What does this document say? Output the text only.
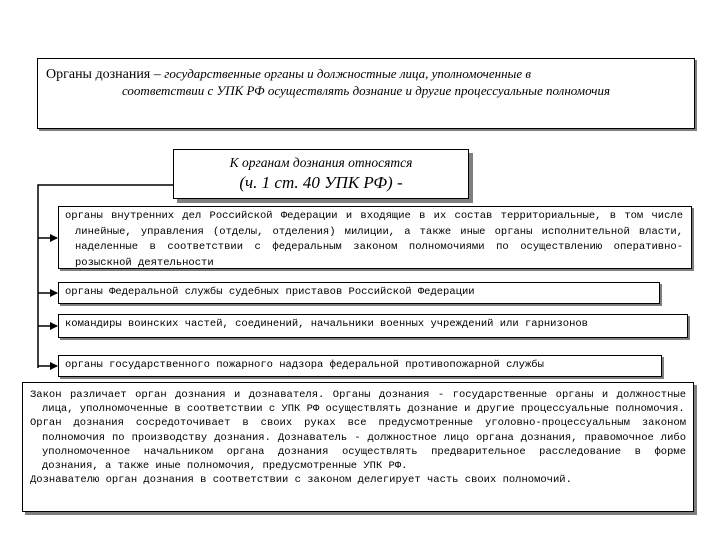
Органы дознания – государственные органы и должностные лица, уполномоченные в
соответствии с УПК РФ осуществлять дознание и другие процессуальные полномочия
К органам дознания относятся
(ч. 1 ст. 40 УПК РФ) -
органы внутренних дел Российской Федерации и входящие в их состав территориальные, в том числе линейные, управления (отделы, отделения) милиции, а также иные органы исполнительной власти, наделенные в соответствии с федеральным законом полномочиями по осуществлению оперативно-розыскной деятельности
органы Федеральной службы судебных приставов Российской Федерации
командиры воинских частей, соединений, начальники военных учреждений или гарнизонов
органы государственного пожарного надзора федеральной противопожарной службы

Закон различает орган дознания и дознавателя. Органы дознания - государственные органы и должностные лица, уполномоченные в соответствии с УПК РФ осуществлять дознание и другие процессуальные полномочия.

Орган дознания сосредоточивает в своих руках все предусмотренные уголовно-процессуальным законом полномочия по производству дознания. Дознаватель - должностное лицо органа дознания, правомочное либо уполномоченное начальником органа дознания осуществлять предварительное расследование в форме дознания, а также иные полномочия, предусмотренные УПК РФ.

Дознавателю орган дознания в соответствии с законом делегирует часть своих полномочий.
